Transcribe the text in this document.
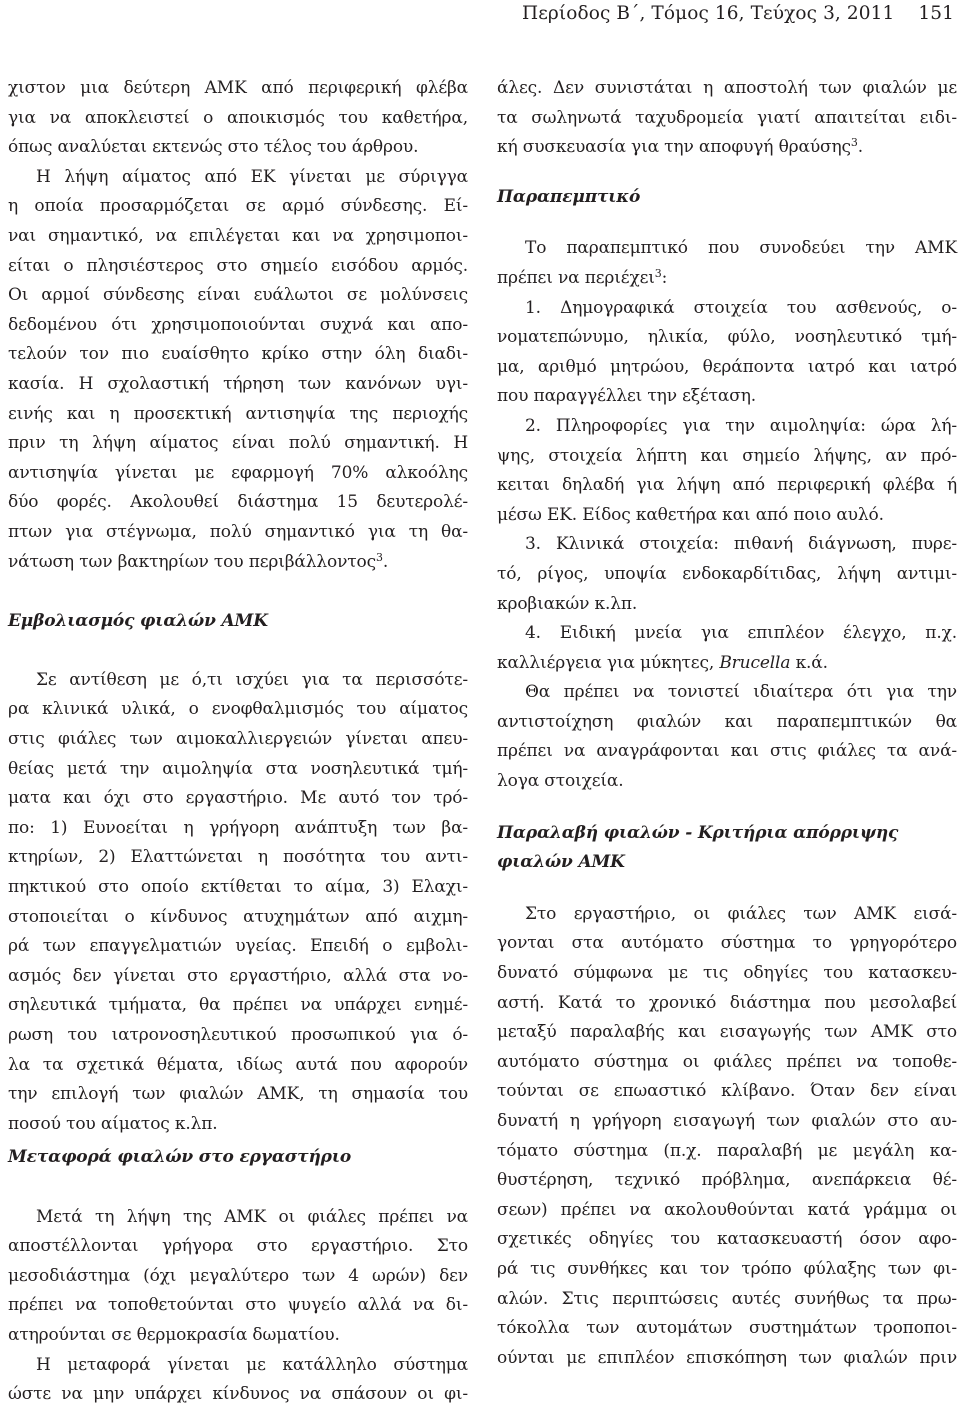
Περίοδος Β΄, Τόμος 16, Τεύχος 3, 2011 151
χιστον μια δεύτερη ΑΜΚ από περιφερική φλέβα
για να αποκλειστεί ο αποικισμός του καθετήρα,
όπως αναλύεται εκτενώς στο τέλος του άρθρου.
Η λήψη αίματος από ΕΚ γίνεται με σύριγγα
η οποία προσαρμόζεται σε αρμό σύνδεσης. Εί-
ναι σημαντικό, να επιλέγεται και να χρησιμοποι-
είται ο πλησιέστερος στο σημείο εισόδου αρμός.
Οι αρμοί σύνδεσης είναι ευάλωτοι σε μολύνσεις
δεδομένου ότι χρησιμοποιούνται συχνά και απο-
τελούν τον πιο ευαίσθητο κρίκο στην όλη διαδι-
κασία. Η σχολαστική τήρηση των κανόνων υγι-
εινής και η προσεκτική αντισηψία της περιοχής
πριν τη λήψη αίματος είναι πολύ σημαντική. Η
αντισηψία γίνεται με εφαρμογή 70% αλκοόλης
δύο φορές. Ακολουθεί διάστημα 15 δευτερολέ-
πτων για στέγνωμα, πολύ σημαντικό για τη θα-
νάτωση των βακτηρίων του περιβάλλοντος$^3$.
Εμβολιασμός φιαλών ΑΜΚ
Σε αντίθεση με ό,τι ισχύει για τα περισσότε-
ρα κλινικά υλικά, ο ενοφθαλμισμός του αίματος
στις φιάλες των αιμοκαλλιεργειών γίνεται απευ-
θείας μετά την αιμοληψία στα νοσηλευτικά τμή-
ματα και όχι στο εργαστήριο. Με αυτό τον τρό-
πο: 1) Ευνοείται η γρήγορη ανάπτυξη των βα-
κτηρίων, 2) Ελαττώνεται η ποσότητα του αντι-
πηκτικού στο οποίο εκτίθεται το αίμα, 3) Ελαχι-
στοποιείται ο κίνδυνος ατυχημάτων από αιχμη-
ρά των επαγγελματιών υγείας. Επειδή ο εμβολι-
ασμός δεν γίνεται στο εργαστήριο, αλλά στα νο-
σηλευτικά τμήματα, θα πρέπει να υπάρχει ενημέ-
ρωση του ιατρονοσηλευτικού προσωπικού για ό-
λα τα σχετικά θέματα, ιδίως αυτά που αφορούν
την επιλογή των φιαλών ΑΜΚ, τη σημασία του
ποσού του αίματος κ.λπ.
Μεταφορά φιαλών στο εργαστήριο
Μετά τη λήψη της ΑΜΚ οι φιάλες πρέπει να
αποστέλλονται γρήγορα στο εργαστήριο. Στο
μεσοδιάστημα (όχι μεγαλύτερο των 4 ωρών) δεν
πρέπει να τοποθετούνται στο ψυγείο αλλά να δι-
ατηρούνται σε θερμοκρασία δωματίου.
Η μεταφορά γίνεται με κατάλληλο σύστημα
ώστε να μην υπάρχει κίνδυνος να σπάσουν οι φι-
άλες. Δεν συνιστάται η αποστολή των φιαλών με
τα σωληνωτά ταχυδρομεία γιατί απαιτείται ειδι-
κή συσκευασία για την αποφυγή θραύσης$^3$.
Παραπεμπτικό
Το παραπεμπτικό που συνοδεύει την ΑΜΚ
πρέπει να περιέχει$^3$:
1. Δημογραφικά στοιχεία του ασθενούς, ο-
νοματεπώνυμο, ηλικία, φύλο, νοσηλευτικό τμή-
μα, αριθμό μητρώου, θεράποντα ιατρό και ιατρό
που παραγγέλλει την εξέταση.
2. Πληροφορίες για την αιμοληψία: ώρα λή-
ψης, στοιχεία λήπτη και σημείο λήψης, αν πρό-
κειται δηλαδή για λήψη από περιφερική φλέβα ή
μέσω ΕΚ. Είδος καθετήρα και από ποιο αυλό.
3. Κλινικά στοιχεία: πιθανή διάγνωση, πυρε-
τό, ρίγος, υποψία ενδοκαρδίτιδας, λήψη αντιμι-
κροβιακών κ.λπ.
4. Ειδική μνεία για επιπλέον έλεγχο, π.χ.
καλλιέργεια για μύκητες, Brucella κ.ά.
Θα πρέπει να τονιστεί ιδιαίτερα ότι για την
αντιστοίχηση φιαλών και παραπεμπτικών θα
πρέπει να αναγράφονται και στις φιάλες τα ανά-
λογα στοιχεία.
Παραλαβή φιαλών - Κριτήρια απόρριψης
φιαλών ΑΜΚ
Στο εργαστήριο, οι φιάλες των ΑΜΚ εισά-
γονται στα αυτόματο σύστημα το γρηγορότερο
δυνατό σύμφωνα με τις οδηγίες του κατασκευ-
αστή. Κατά το χρονικό διάστημα που μεσολαβεί
μεταξύ παραλαβής και εισαγωγής των ΑΜΚ στο
αυτόματο σύστημα οι φιάλες πρέπει να τοποθε-
τούνται σε επωαστικό κλίβανο. Όταν δεν είναι
δυνατή η γρήγορη εισαγωγή των φιαλών στο αυ-
τόματο σύστημα (π.χ. παραλαβή με μεγάλη κα-
θυστέρηση, τεχνικό πρόβλημα, ανεπάρκεια θέ-
σεων) πρέπει να ακολουθούνται κατά γράμμα οι
σχετικές οδηγίες του κατασκευαστή όσον αφο-
ρά τις συνθήκες και τον τρόπο φύλαξης των φι-
αλών. Στις περιπτώσεις αυτές συνήθως τα πρω-
τόκολλα των αυτομάτων συστημάτων τροποποι-
ούνται με επιπλέον επισκόπηση των φιαλών πριν
